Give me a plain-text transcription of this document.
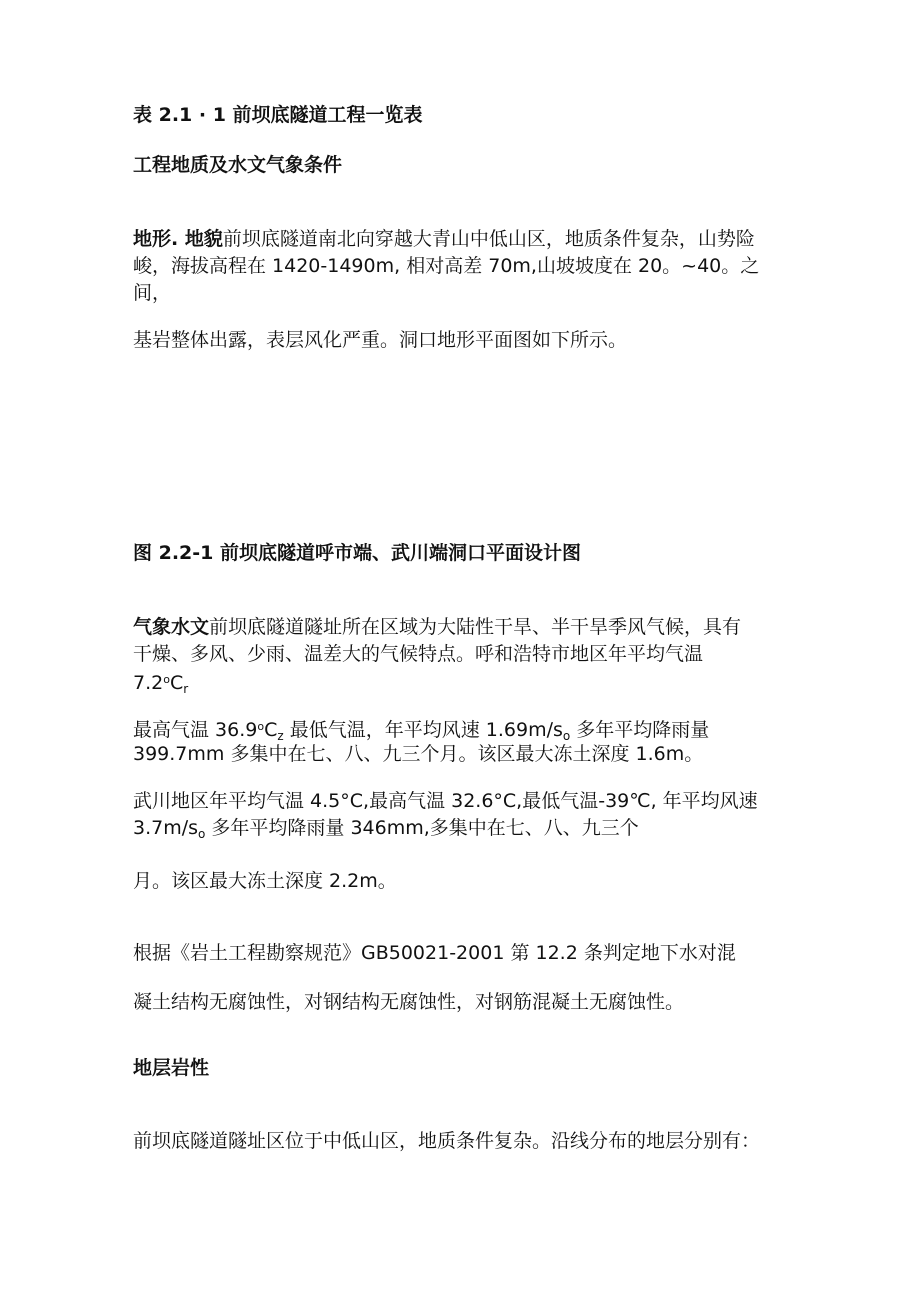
表 2.1 · 1 前坝底隧道工程一览表
工程地质及水文气象条件
地形. 地貌前坝底隧道南北向穿越大青山中低山区，地质条件复杂，山势险
峻，海拔高程在 1420-1490m, 相对高差 70m,山坡坡度在 20。~40。之
间，
基岩整体出露，表层风化严重。洞口地形平面图如下所示。
图 2.2-1 前坝底隧道呼市端、武川端洞口平面设计图
气象水文前坝底隧道隧址所在区域为大陆性干旱、半干旱季风气候，具有
干燥、多风、少雨、温差大的气候特点。呼和浩特市地区年平均气温
$7.2^oC_r$
最高气温 $36.9^oC_z$ 最低气温，年平均风速 $1.69m∕s_o$ 多年平均降雨量
399.7mm 多集中在七、八、九三个月。该区最大冻土深度 1.6m。
武川地区年平均气温 4.5°C,最高气温 32.6°C,最低气温-39℃, 年平均风速
$3.7m∕s_o$ 多年平均降雨量 346mm,多集中在七、八、九三个
月。该区最大冻土深度 2.2m。
根据《岩土工程勘察规范》GB50021-2001 第 12.2 条判定地下水对混
凝土结构无腐蚀性，对钢结构无腐蚀性，对钢筋混凝土无腐蚀性。
地层岩性
前坝底隧道隧址区位于中低山区，地质条件复杂。沿线分布的地层分别有：
